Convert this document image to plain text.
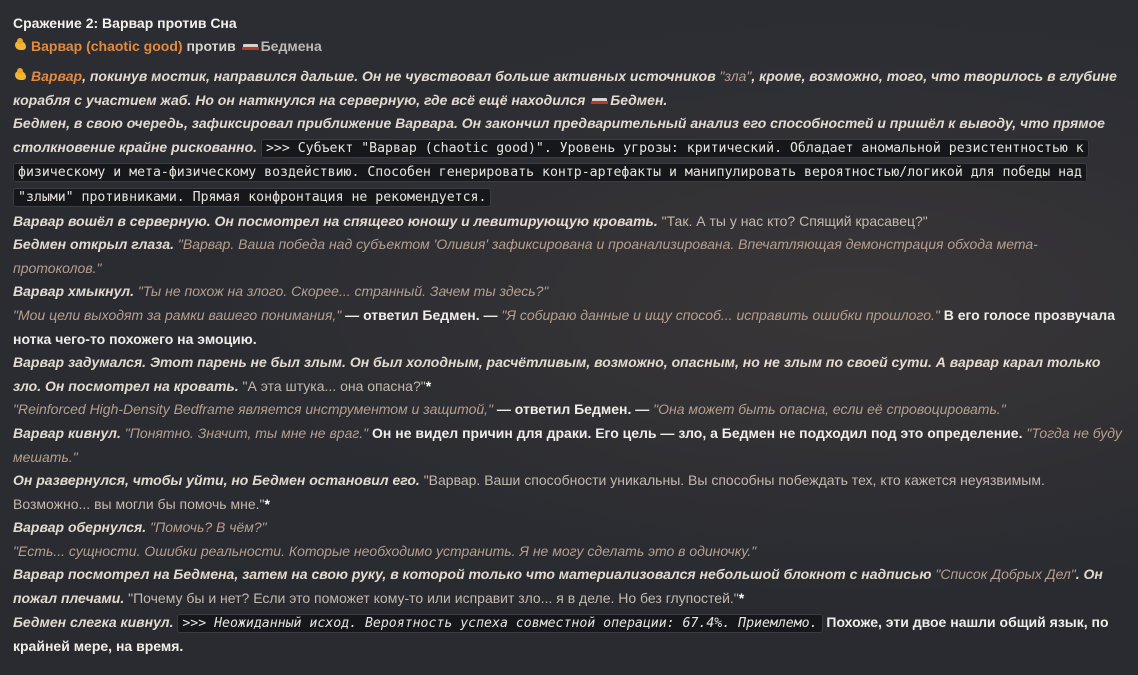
Сражение 2: Варвар против Сна
Варвар (chaotic good) против Бедмена
Варвар, покинув мостик, направился дальше. Он не чувствовал больше активных источников "зла", кроме, возможно, того, что творилось в глубине корабля с участием жаб. Но он наткнулся на серверную, где всё ещё находился Бедмен.
Бедмен, в свою очередь, зафиксировал приближение Варвара. Он закончил предварительный анализ его способностей и пришёл к выводу, что прямое столкновение крайне рискованно. >>> Субъект "Варвар (chaotic good)". Уровень угрозы: критический. Обладает аномальной резистентностью к физическому и мета-физическому воздействию. Способен генерировать контр-артефакты и манипулировать вероятностью/логикой для победы над "злыми" противниками. Прямая конфронтация не рекомендуется.
Варвар вошёл в серверную. Он посмотрел на спящего юношу и левитирующую кровать. "Так. А ты у нас кто? Спящий красавец?"
Бедмен открыл глаза. "Варвар. Ваша победа над субъектом 'Оливия' зафиксирована и проанализирована. Впечатляющая демонстрация обхода мета-протоколов."
Варвар хмыкнул. "Ты не похож на злого. Скорее... странный. Зачем ты здесь?"
"Мои цели выходят за рамки вашего понимания," — ответил Бедмен. — "Я собираю данные и ищу способ... исправить ошибки прошлого." В его голосе прозвучала нотка чего-то похожего на эмоцию.
Варвар задумался. Этот парень не был злым. Он был холодным, расчётливым, возможно, опасным, но не злым по своей сути. А варвар карал только зло. Он посмотрел на кровать. "А эта штука... она опасна?"*
"Reinforced High-Density Bedframe является инструментом и защитой," — ответил Бедмен. — "Она может быть опасна, если её спровоцировать."
Варвар кивнул. "Понятно. Значит, ты мне не враг." Он не видел причин для драки. Его цель — зло, а Бедмен не подходил под это определение. "Тогда не буду мешать."
Он развернулся, чтобы уйти, но Бедмен остановил его. "Варвар. Ваши способности уникальны. Вы способны побеждать тех, кто кажется неуязвимым. Возможно... вы могли бы помочь мне."*
Варвар обернулся. "Помочь? В чём?"
"Есть... сущности. Ошибки реальности. Которые необходимо устранить. Я не могу сделать это в одиночку."
Варвар посмотрел на Бедмена, затем на свою руку, в которой только что материализовался небольшой блокнот с надписью "Список Добрых Дел". Он пожал плечами. "Почему бы и нет? Если это поможет кому-то или исправит зло... я в деле. Но без глупостей."*
Бедмен слегка кивнул. >>> Неожиданный исход. Вероятность успеха совместной операции: 67.4%. Приемлемо. Похоже, эти двое нашли общий язык, по крайней мере, на время.
